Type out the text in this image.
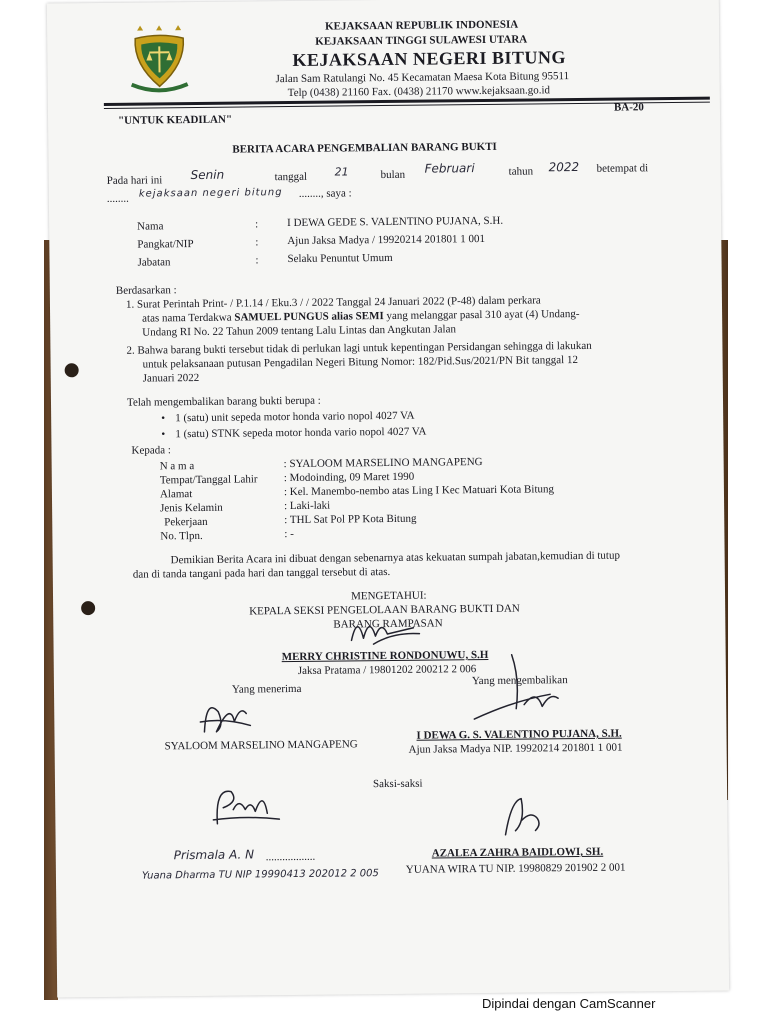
KEJAKSAAN REPUBLIK INDONESIA
KEJAKSAAN TINGGI SULAWESI UTARA
KEJAKSAAN NEGERI BITUNG
Jalan Sam Ratulangi No. 45 Kecamatan Maesa Kota Bitung 95511
Telp (0438) 21160 Fax. (0438) 21170 www.kejaksaan.go.id
"UNTUK KEADILAN"
BA-20
BERITA ACARA PENGEMBALIAN BARANG BUKTI
Pada hari ini Senin	tanggal 21	bulan Februari	tahun 2022 betempat di
........ kejaksaan negeri bitung ........, saya :
Nama	:	I DEWA GEDE S. VALENTINO PUJANA, S.H.
Pangkat/NIP	:	Ajun Jaksa Madya / 19920214 201801 1 001
Jabatan	:	Selaku Penuntut Umum
Berdasarkan :
1. Surat Perintah Print- / P.1.14 / Eku.3 / / 2022 Tanggal 24 Januari 2022 (P-48) dalam perkara
atas nama Terdakwa SAMUEL PUNGUS alias SEMI yang melanggar pasal 310 ayat (4) Undang-
Undang RI No. 22 Tahun 2009 tentang Lalu Lintas dan Angkutan Jalan
2. Bahwa barang bukti tersebut tidak di perlukan lagi untuk kepentingan Persidangan sehingga di lakukan
untuk pelaksanaan putusan Pengadilan Negeri Bitung Nomor: 182/Pid.Sus/2021/PN Bit tanggal 12
Januari 2022
Telah mengembalikan barang bukti berupa :
• 1 (satu) unit sepeda motor honda vario nopol 4027 VA
• 1 (satu) STNK sepeda motor honda vario nopol 4027 VA
Kepada :
N a m a	: SYALOOM MARSELINO MANGAPENG
Tempat/Tanggal Lahir : Modoinding, 09 Maret 1990
Alamat	: Kel. Manembo-nembo atas Ling I Kec Matuari Kota Bitung
Jenis Kelamin	: Laki-laki
Pekerjaan	: THL Sat Pol PP Kota Bitung
No. Tlpn.	: -
Demikian Berita Acara ini dibuat dengan sebenarnya atas kekuatan sumpah jabatan,kemudian di tutup
dan di tanda tangani pada hari dan tanggal tersebut di atas.
MENGETAHUI:
KEPALA SEKSI PENGELOLAAN BARANG BUKTI DAN
BARANG RAMPASAN
MERRY CHRISTINE RONDONUWU, S.H
Jaksa Pratama / 19801202 200212 2 006
Yang menerima
Yang mengembalikan
SYALOOM MARSELINO MANGAPENG
I DEWA G. S. VALENTINO PUJANA, S.H.
Ajun Jaksa Madya NIP. 19920214 201801 1 001
Saksi-saksi
Prismala A. N ..................
Yuana Dharma TU NIP 19990413 202012 2 005
AZALEA ZAHRA BAIDLOWI, SH.
YUANA WIRA TU NIP. 19980829 201902 2 001
Dipindai dengan CamScanner
